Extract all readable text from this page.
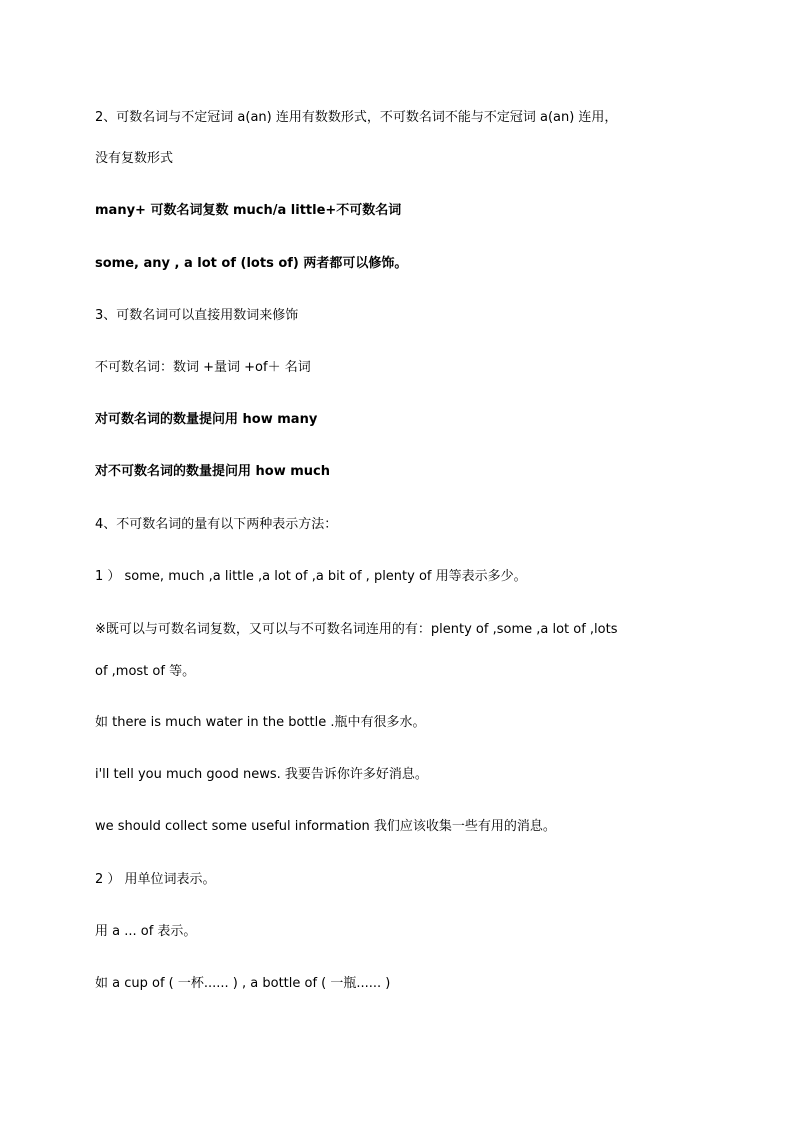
2、可数名词与不定冠词 a(an) 连用有数数形式，不可数名词不能与不定冠词 a(an) 连用，
没有复数形式
many+ 可数名词复数 much/a little+不可数名词
some, any , a lot of (lots of) 两者都可以修饰。
3、可数名词可以直接用数词来修饰
不可数名词：数词 +量词 +of＋ 名词
对可数名词的数量提问用 how many
对不可数名词的数量提问用 how much
4、不可数名词的量有以下两种表示方法：
1 ） some, much ,a little ,a lot of ,a bit of , plenty of 用等表示多少。
※既可以与可数名词复数，又可以与不可数名词连用的有：plenty of ,some ,a lot of ,lots
of ,most of 等。
如 there is much water in the bottle .瓶中有很多水。
i'll tell you much good news. 我要告诉你许多好消息。
we should collect some useful information 我们应该收集一些有用的消息。
2 ） 用单位词表示。
用 a ... of 表示。
如 a cup of ( 一杯...... ) , a bottle of ( 一瓶...... )
